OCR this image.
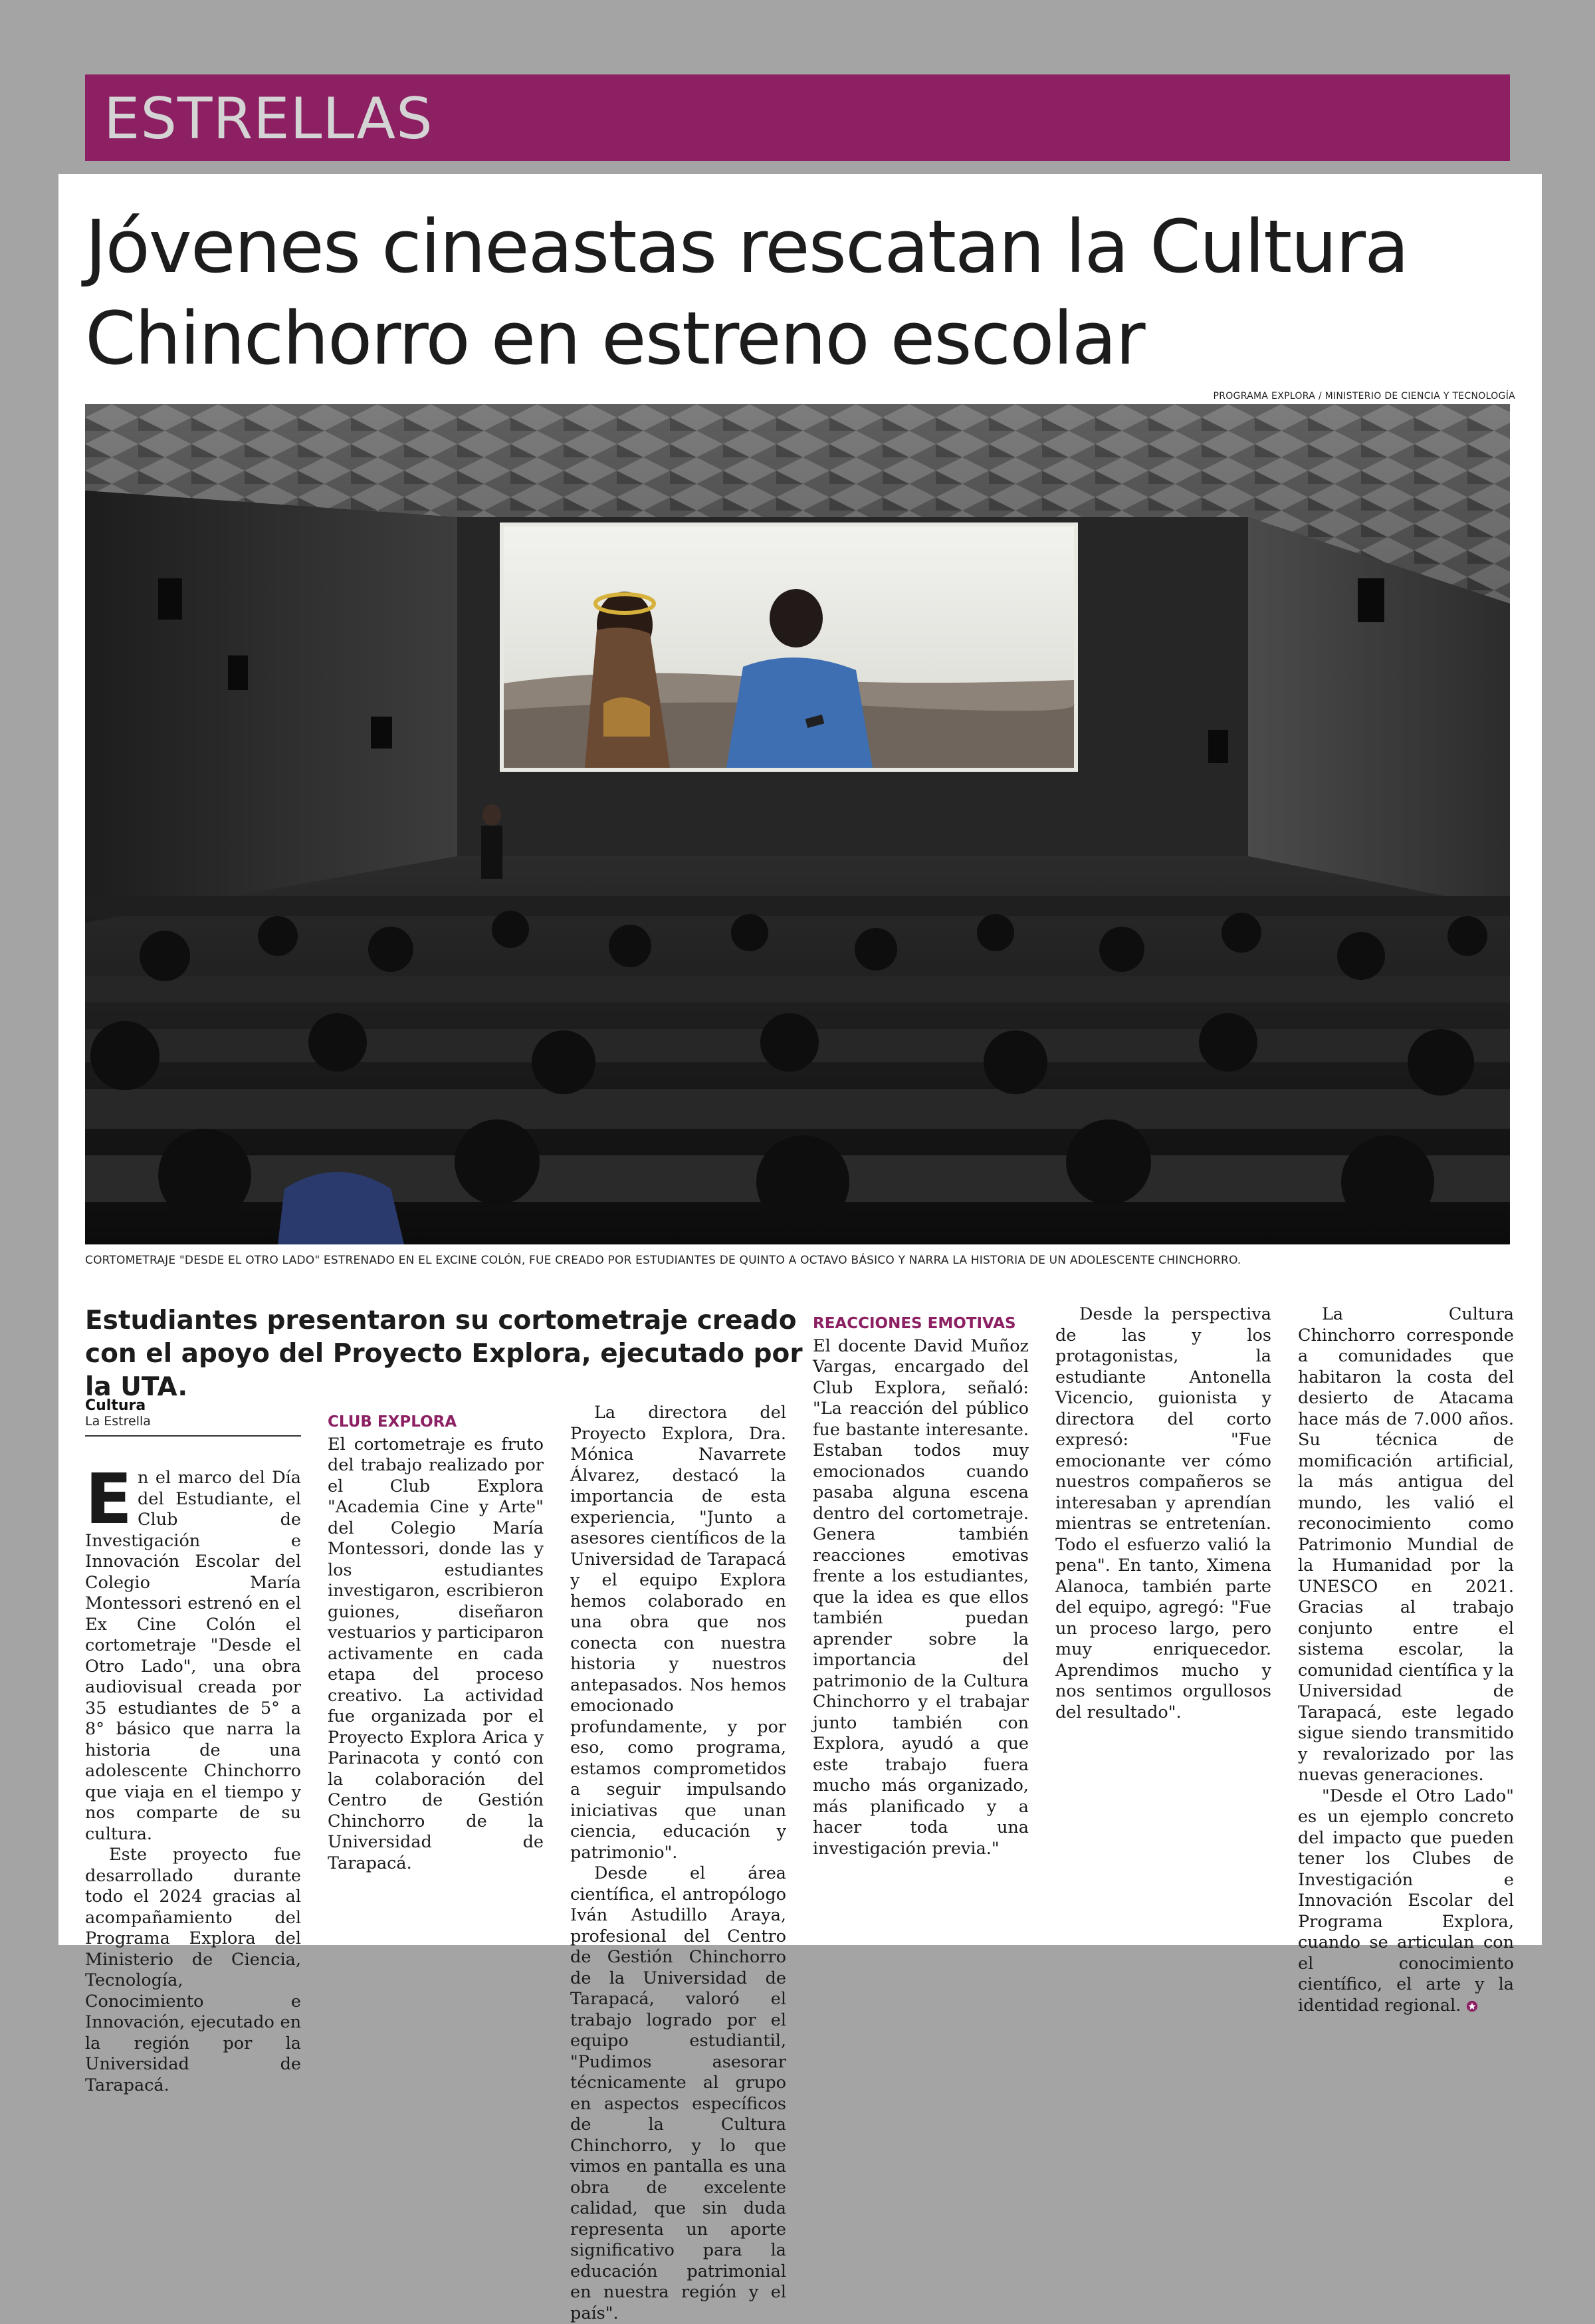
ESTRELLAS
Jóvenes cineastas rescatan la Cultura Chinchorro en estreno escolar
PROGRAMA EXPLORA / MINISTERIO DE CIENCIA Y TECNOLOGÍA
CORTOMETRAJE "DESDE EL OTRO LADO" ESTRENADO EN EL EXCINE COLÓN, FUE CREADO POR ESTUDIANTES DE QUINTO A OCTAVO BÁSICO Y NARRA LA HISTORIA DE UN ADOLESCENTE CHINCHORRO.
Estudiantes presentaron su cortometraje creado con el apoyo del Proyecto Explora, ejecutado por la UTA.
Cultura
La Estrella

En el marco del Día del Estudiante, el Club de Investigación e Innovación Escolar del Colegio María Montessori estrenó en el Ex Cine Colón el cortometraje "Desde el Otro Lado", una obra audiovisual creada por 35 estudiantes de 5° a 8° básico que narra la historia de una adolescente Chinchorro que viaja en el tiempo y nos comparte de su cultura.

Este proyecto fue desarrollado durante todo el 2024 gracias al acompañamiento del Programa Explora del Ministerio de Ciencia, Tecnología, Conocimiento e Innovación, ejecutado en la región por la Universidad de Tarapacá.

CLUB EXPLORA

El cortometraje es fruto del trabajo realizado por el Club Explora "Academia Cine y Arte" del Colegio María Montessori, donde las y los estudiantes investigaron, escribieron guiones, diseñaron vestuarios y participaron activamente en cada etapa del proceso creativo. La actividad fue organizada por el Proyecto Explora Arica y Parinacota y contó con la colaboración del Centro de Gestión Chinchorro de la Universidad de Tarapacá.

La directora del Proyecto Explora, Dra. Mónica Navarrete Álvarez, destacó la importancia de esta experiencia, "Junto a asesores científicos de la Universidad de Tarapacá y el equipo Explora hemos colaborado en una obra que nos conecta con nuestra historia y nuestros antepasados. Nos hemos emocionado profundamente, y por eso, como programa, estamos comprometidos a seguir impulsando iniciativas que unan ciencia, educación y patrimonio".

Desde el área científica, el antropólogo Iván Astudillo Araya, profesional del Centro de Gestión Chinchorro de la Universidad de Tarapacá, valoró el trabajo logrado por el equipo estudiantil, "Pudimos asesorar técnicamente al grupo en aspectos específicos de la Cultura Chinchorro, y lo que vimos en pantalla es una obra de excelente calidad, que sin duda representa un aporte significativo para la educación patrimonial en nuestra región y el país".

REACCIONES EMOTIVAS

El docente David Muñoz Vargas, encargado del Club Explora, señaló: "La reacción del público fue bastante interesante. Estaban todos muy emocionados cuando pasaba alguna escena dentro del cortometraje. Genera también reacciones emotivas frente a los estudiantes, que la idea es que ellos también puedan aprender sobre la importancia del patrimonio de la Cultura Chinchorro y el trabajar junto también con Explora, ayudó a que este trabajo fuera mucho más organizado, más planificado y a hacer toda una investigación previa."

Desde la perspectiva de las y los protagonistas, la estudiante Antonella Vicencio, guionista y directora del corto expresó: "Fue emocionante ver cómo nuestros compañeros se interesaban y aprendían mientras se entretenían. Todo el esfuerzo valió la pena". En tanto, Ximena Alanoca, también parte del equipo, agregó: "Fue un proceso largo, pero muy enriquecedor. Aprendimos mucho y nos sentimos orgullosos del resultado".

La Cultura Chinchorro corresponde a comunidades que habitaron la costa del desierto de Atacama hace más de 7.000 años. Su técnica de momificación artificial, la más antigua del mundo, les valió el reconocimiento como Patrimonio Mundial de la Humanidad por la UNESCO en 2021. Gracias al trabajo conjunto entre el sistema escolar, la comunidad científica y la Universidad de Tarapacá, este legado sigue siendo transmitido y revalorizado por las nuevas generaciones.

"Desde el Otro Lado" es un ejemplo concreto del impacto que pueden tener los Clubes de Investigación e Innovación Escolar del Programa Explora, cuando se articulan con el conocimiento científico, el arte y la identidad regional.
